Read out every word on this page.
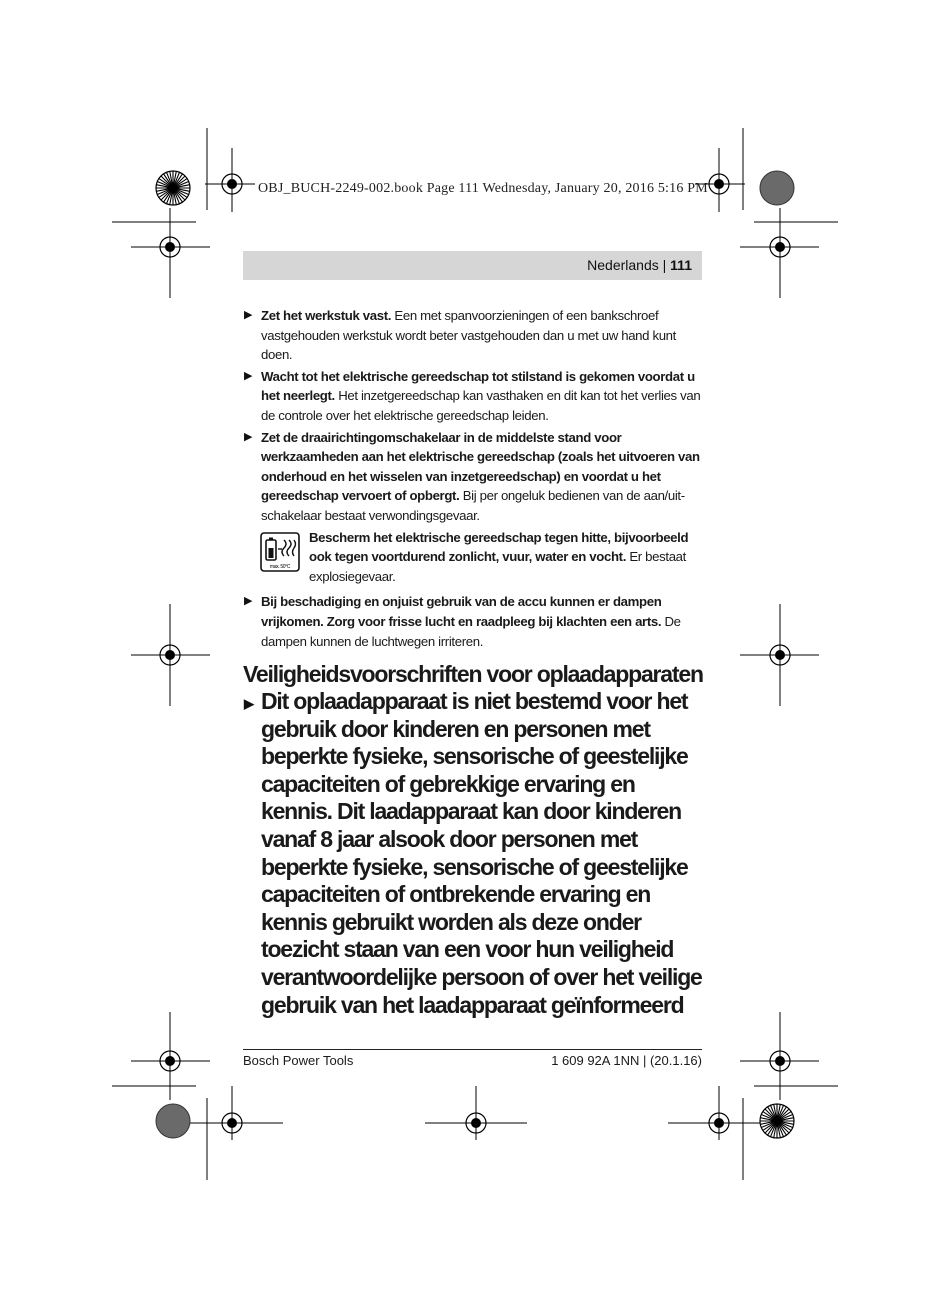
OBJ_BUCH-2249-002.book Page 111 Wednesday, January 20, 2016 5:16 PM
Nederlands | 111
▶ Zet het werkstuk vast. Een met spanvoorzieningen of een bankschroef vastgehouden werkstuk wordt beter vastgehouden dan u met uw hand kunt doen.
▶ Wacht tot het elektrische gereedschap tot stilstand is gekomen voordat u het neerlegt. Het inzetgereedschap kan vasthaken en dit kan tot het verlies van de controle over het elektrische gereedschap leiden.
▶ Zet de draairichtingomschakelaar in de middelste stand voor werkzaamheden aan het elektrische gereedschap (zoals het uitvoeren van onderhoud en het wisselen van inzetgereedschap) en voordat u het gereedschap vervoert of opbergt. Bij per ongeluk bedienen van de aan/uit-schakelaar bestaat verwondingsgevaar.
max. 50°C
Bescherm het elektrische gereedschap tegen hitte, bijvoorbeeld ook tegen voortdurend zonlicht, vuur, water en vocht. Er bestaat explosiegevaar.
▶ Bij beschadiging en onjuist gebruik van de accu kunnen er dampen vrijkomen. Zorg voor frisse lucht en raadpleeg bij klachten een arts. De dampen kunnen de luchtwegen irriteren.
Veiligheidsvoorschriften voor oplaadapparaten
▶ Dit oplaadapparaat is niet bestemd voor het gebruik door kinderen en personen met beperkte fysieke, sensorische of geestelijke capaciteiten of gebrekkige ervaring en kennis. Dit laadapparaat kan door kinderen vanaf 8 jaar alsook door personen met beperkte fysieke, sensorische of geestelijke capaciteiten of ontbrekende ervaring en kennis gebruikt worden als deze onder toezicht staan van een voor hun veiligheid verantwoordelijke persoon of over het veilige gebruik van het laadapparaat geïnformeerd
Bosch Power Tools	1 609 92A 1NN | (20.1.16)
